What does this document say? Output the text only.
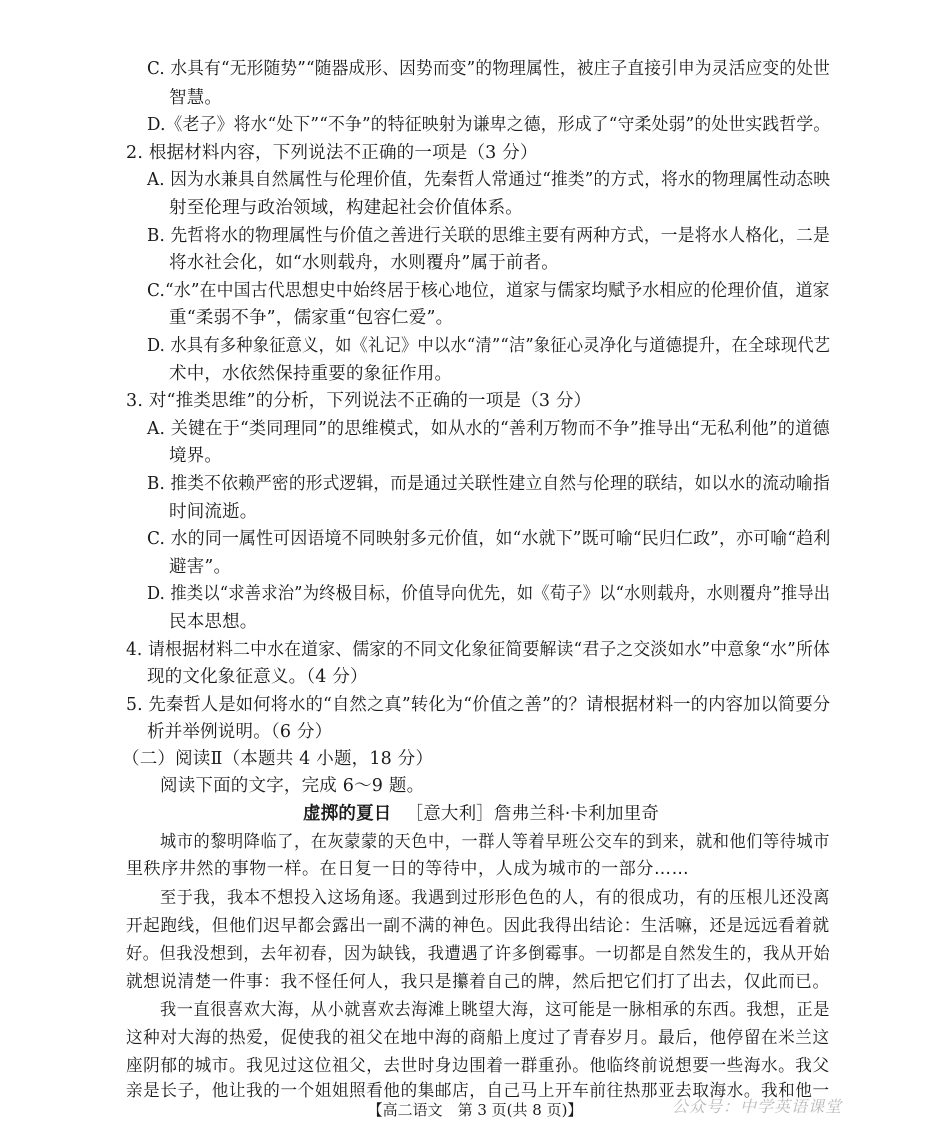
C. 水具有“无形随势”“随器成形、因势而变”的物理属性，被庄子直接引申为灵活应变的处世
智慧。
D.《老子》将水“处下”“不争”的特征映射为谦卑之德，形成了“守柔处弱”的处世实践哲学。
2. 根据材料内容，下列说法不正确的一项是（3 分）
A. 因为水兼具自然属性与伦理价值，先秦哲人常通过“推类”的方式，将水的物理属性动态映
射至伦理与政治领域，构建起社会价值体系。
B. 先哲将水的物理属性与价值之善进行关联的思维主要有两种方式，一是将水人格化，二是
将水社会化，如“水则载舟，水则覆舟”属于前者。
C.“水”在中国古代思想史中始终居于核心地位，道家与儒家均赋予水相应的伦理价值，道家
重“柔弱不争”，儒家重“包容仁爱”。
D. 水具有多种象征意义，如《礼记》中以水“清”“洁”象征心灵净化与道德提升，在全球现代艺
术中，水依然保持重要的象征作用。
3. 对“推类思维”的分析，下列说法不正确的一项是（3 分）
A. 关键在于“类同理同”的思维模式，如从水的“善利万物而不争”推导出“无私利他”的道德
境界。
B. 推类不依赖严密的形式逻辑，而是通过关联性建立自然与伦理的联结，如以水的流动喻指
时间流逝。
C. 水的同一属性可因语境不同映射多元价值，如“水就下”既可喻“民归仁政”，亦可喻“趋利
避害”。
D. 推类以“求善求治”为终极目标，价值导向优先，如《荀子》以“水则载舟，水则覆舟”推导出
民本思想。
4. 请根据材料二中水在道家、儒家的不同文化象征简要解读“君子之交淡如水”中意象“水”所体
现的文化象征意义。（4 分）
5. 先秦哲人是如何将水的“自然之真”转化为“价值之善”的？请根据材料一的内容加以简要分
析并举例说明。（6 分）
（二）阅读Ⅱ（本题共 4 小题，18 分）
阅读下面的文字，完成 6～9 题。
虚掷的夏日 ［意大利］詹弗兰科·卡利加里奇
城市的黎明降临了，在灰蒙蒙的天色中，一群人等着早班公交车的到来，就和他们等待城市
里秩序井然的事物一样。在日复一日的等待中，人成为城市的一部分……
至于我，我本不想投入这场角逐。我遇到过形形色色的人，有的很成功，有的压根儿还没离
开起跑线，但他们迟早都会露出一副不满的神色。因此我得出结论：生活嘛，还是远远看着就
好。但我没想到，去年初春，因为缺钱，我遭遇了许多倒霉事。一切都是自然发生的，我从开始
就想说清楚一件事：我不怪任何人，我只是攥着自己的牌，然后把它们打了出去，仅此而已。
我一直很喜欢大海，从小就喜欢去海滩上眺望大海，这可能是一脉相承的东西。我想，正是
这种对大海的热爱，促使我的祖父在地中海的商船上度过了青春岁月。最后，他停留在米兰这
座阴郁的城市。我见过这位祖父，去世时身边围着一群重孙。他临终前说想要一些海水。我父
亲是长子，他让我的一个姐姐照看他的集邮店，自己马上开车前往热那亚去取海水。我和他一
【高二语文　第 3 页(共 8 页)】	公众号：中学英语课堂
